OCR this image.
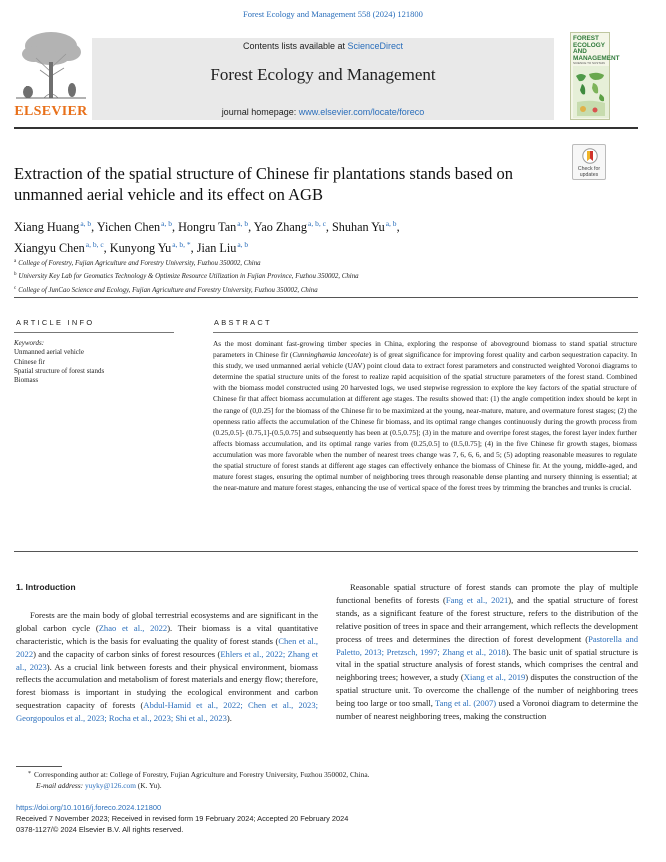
Forest Ecology and Management 558 (2024) 121800
ELSEVIER
Contents lists available at ScienceDirect
Forest Ecology and Management
journal homepage: www.elsevier.com/locate/foreco
FOREST ECOLOGY AND MANAGEMENT
SCIENCE TO SUSTAIN
Extraction of the spatial structure of Chinese fir plantations stands based on unmanned aerial vehicle and its effect on AGB
Check for
updates
Xiang Huang$^{a, b}$, Yichen Chen$^{a, b}$, Hongru Tan$^{a, b}$, Yao Zhang$^{a, b, c}$, Shuhan Yu$^{a, b}$,
Xiangyu Chen$^{a, b, c}$, Kunyong $Yu^{a, b, *}$, Jian Liu$^{a, b}$
$^a$ College of Forestry, Fujian Agriculture and Forestry University, Fuzhou 350002, China
$^b$ University Key Lab for Geomatics Technology & Optimize Resource Utilization in Fujian Province, Fuzhou 350002, China
$^c$ College of JunCao Science and Ecology, Fujian Agriculture and Forestry University, Fuzhou 350002, China
ARTICLE INFO	ABSTRACT
Keywords:
Unmanned aerial vehicle
Chinese fir
Spatial structure of forest stands
Biomass
As the most dominant fast-growing timber species in China, exploring the response of aboveground biomass to stand spatial structure parameters in Chinese fir (Cunninghamia lanceolate) is of great significance for improving forest quality and carbon sequestration capacity. In this study, we used unmanned aerial vehicle (UAV) point cloud data to extract forest parameters and constructed weighted Voronoi diagrams to determine the spatial structure units of the forest to realize rapid acquisition of the spatial structure parameters of the forest stand. Combined with the biomass model constructed using 20 harvested logs, we used stepwise regression to explore the key factors of the spatial structure of Chinese fir that affect biomass accumulation at different age stages. The results showed that: (1) the angle competition index should be kept in the range of (0,0.25] for the biomass of the Chinese fir to be maximized at the young, near-mature, mature, and overmature forest stages; (2) the openness ratio affects the accumulation of the Chinese fir biomass, and its optimal range changes continuously during the growth process from (0.25,0.5]- (0.75,1]-(0.5,0.75] and subsequently has been at (0.5,0.75]; (3) in the mature and overripe forest stages, the forest layer index further affects biomass accumulation, and its optimal range varies from (0.25,0.5] to (0.5,0.75]; (4) in the five Chinese fir growth stages, biomass accumulation was more favorable when the number of nearest trees change was 7, 6, 6, 6, and 5; (5) adopting reasonable measures to regulate the spatial structure of forest stands at different age stages can effectively enhance the biomass of Chinese fir. At the young, middle-aged, and mature forest stages, ensuring the optimal number of neighboring trees through reasonable dense planting and nursery thinning is essential; at the near-mature and mature forest stages, enhancing the use of vertical space of the forest trees by trimming the branches and trunks is crucial.
1. Introduction

Forests are the main body of global terrestrial ecosystems and are significant in the global carbon cycle (Zhao et al., 2022). Their biomass is a vital quantitative characteristic, which is the basis for evaluating the quality of forest stands (Chen et al., 2022) and the capacity of carbon sinks of forest resources (Ehlers et al., 2022; Zhang et al., 2023). As a crucial link between forests and their physical environment, biomass reflects the accumulation and metabolism of forest materials and energy flow; therefore, forest biomass is important in studying the ecological environment and carbon sequestration capacity of forests (Abdul-Hamid et al., 2022; Chen et al., 2023; Georgopoulos et al., 2023; Rocha et al., 2023; Shi et al., 2023).

Reasonable spatial structure of forest stands can promote the play of multiple functional benefits of forests (Fang et al., 2021), and the spatial structure of forest stands, as a significant feature of the forest structure, refers to the distribution of the relative position of trees in space and their arrangement, which reflects the development process of trees and determines the direction of forest development (Pastorella and Paletto, 2013; Pretzsch, 1997; Zhang et al., 2018). The basic unit of spatial structure is vital in the spatial structure analysis of forest stands, which comprises the central and neighboring trees; however, a study (Xiang et al., 2019) disputes the construction of the spatial structure unit. To overcome the challenge of the number of neighboring trees being too large or too small, Tang et al. (2007) used a Voronoi diagram to determine the number of nearest neighboring trees, making the construction

* Corresponding author at: College of Forestry, Fujian Agriculture and Forestry University, Fuzhou 350002, China.
E-mail address: yuyky@126.com (K. Yu).
https://doi.org/10.1016/j.foreco.2024.121800
Received 7 November 2023; Received in revised form 19 February 2024; Accepted 20 February 2024
0378-1127/© 2024 Elsevier B.V. All rights reserved.
